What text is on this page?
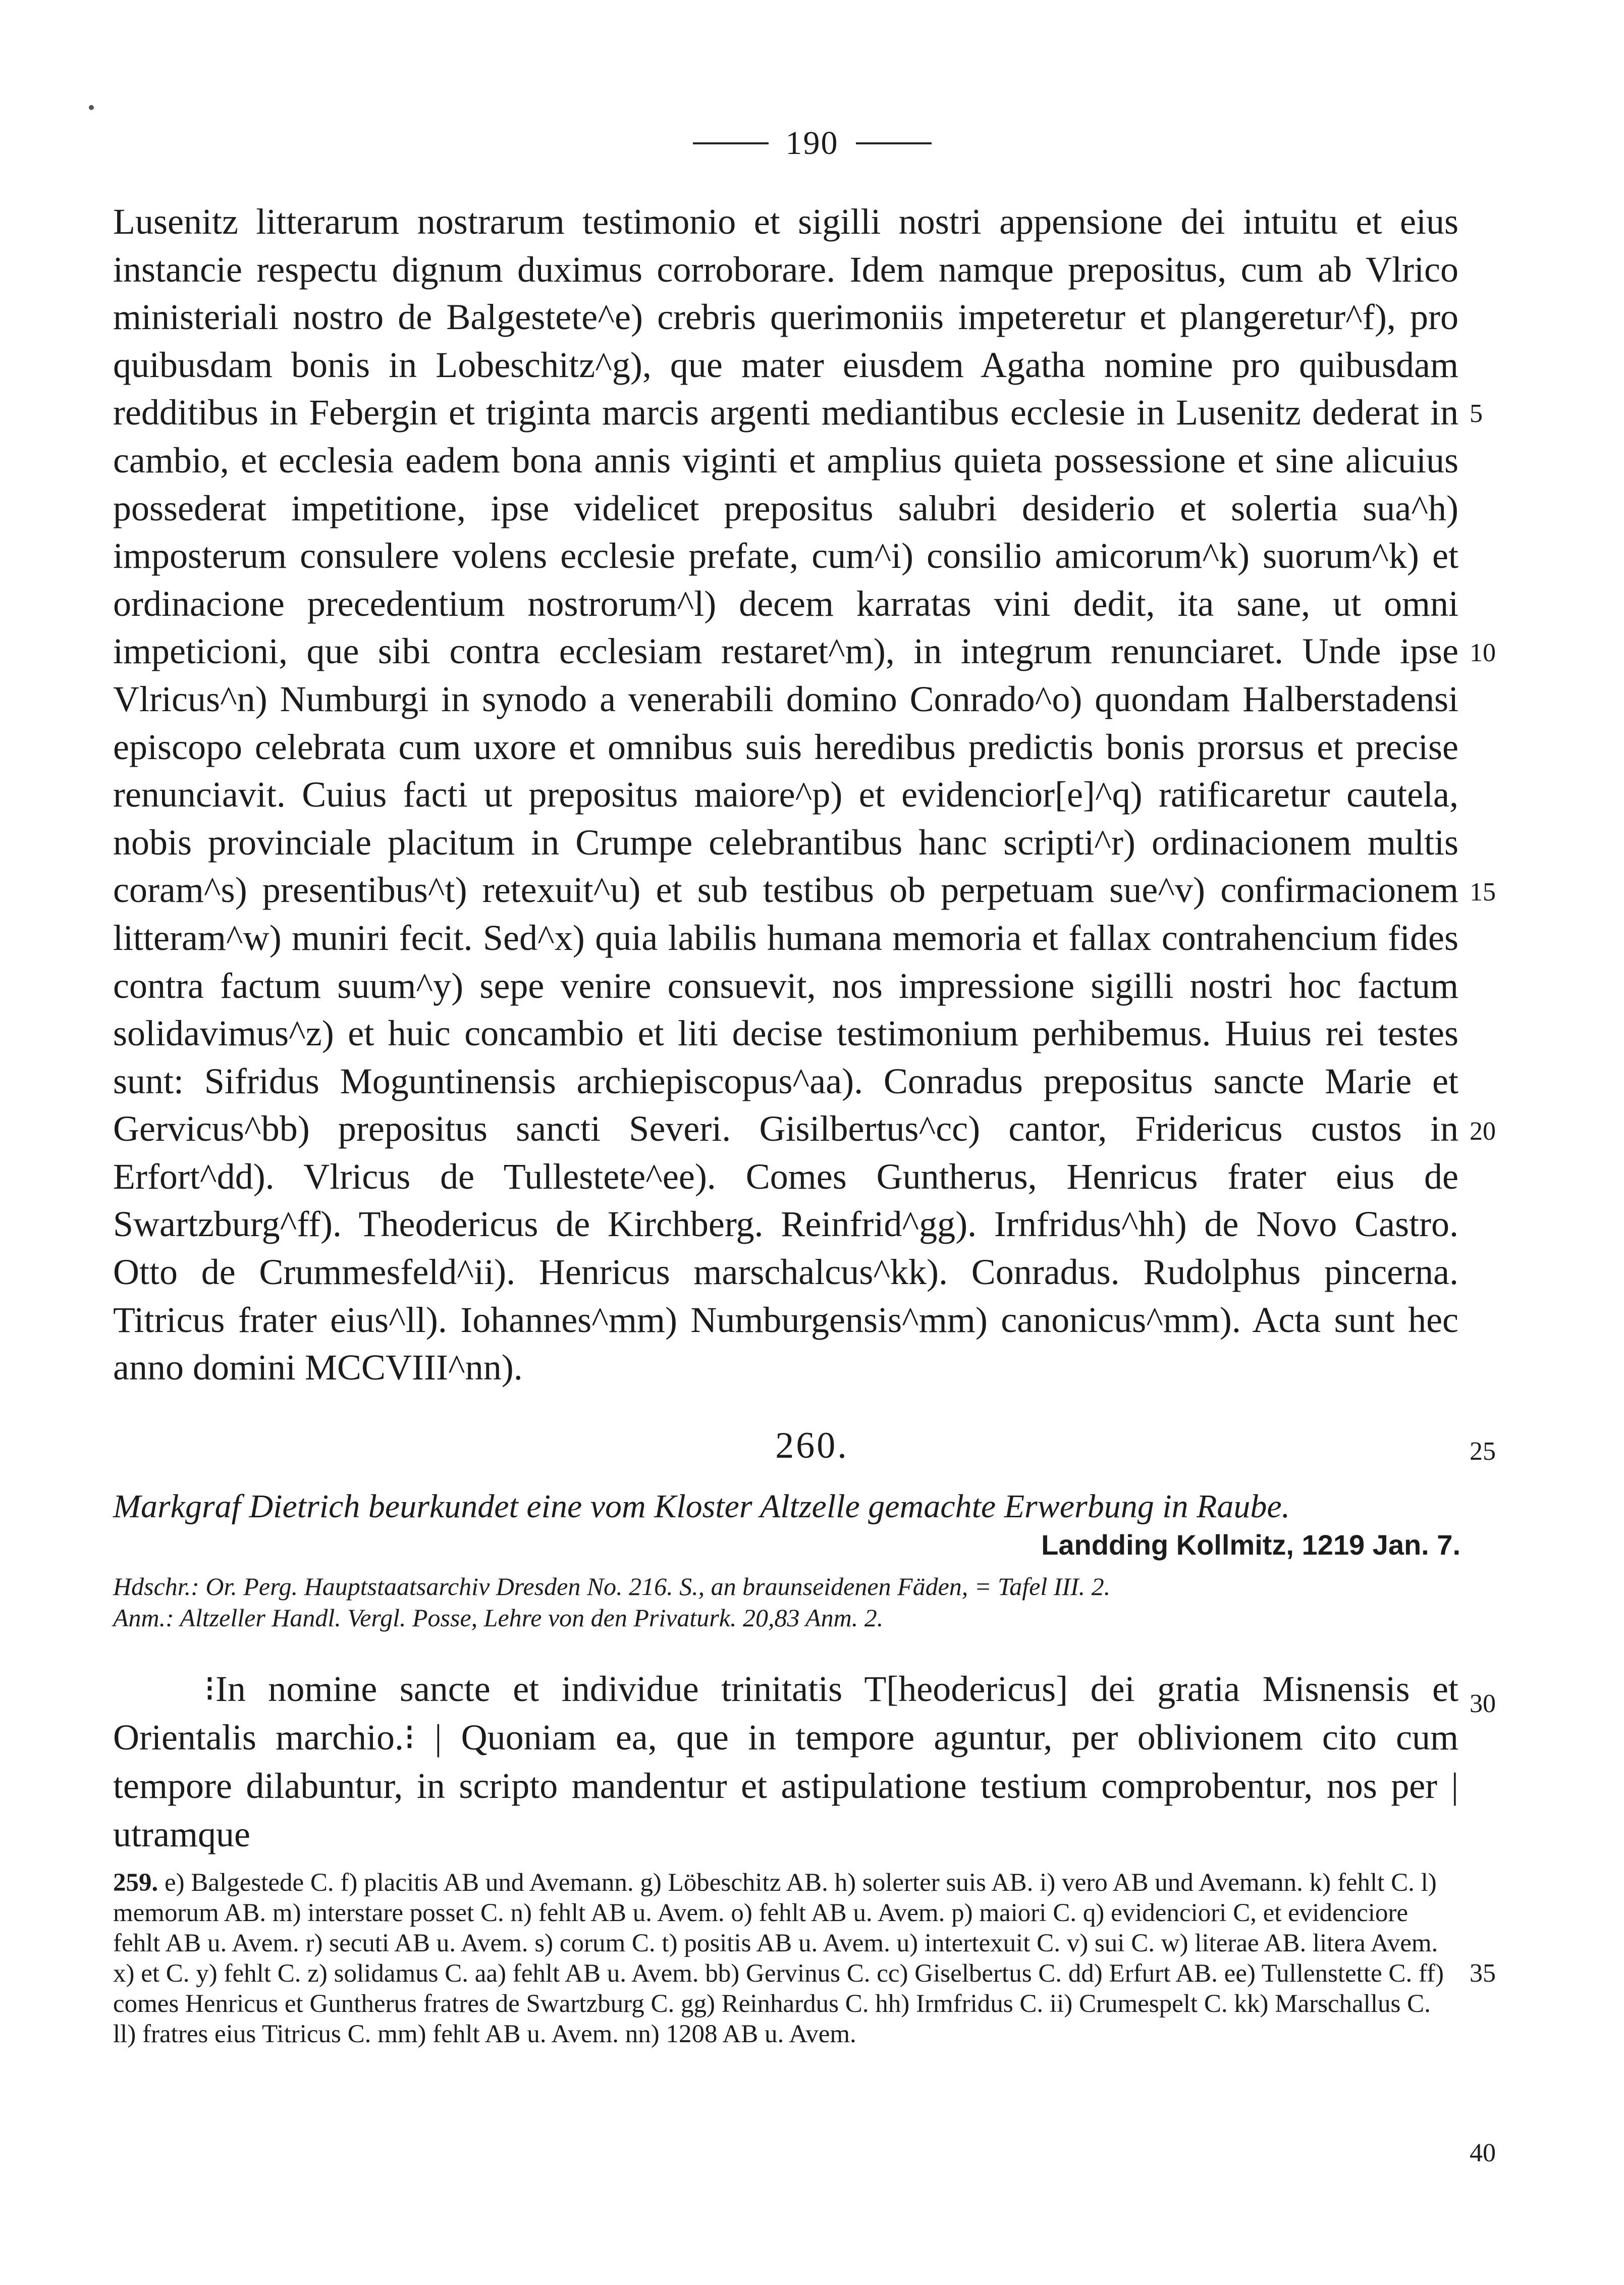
190

Lusenitz litterarum nostrarum testimonio et sigilli nostri appensione dei intuitu et eius instancie respectu dignum duximus corroborare. Idem namque prepositus, cum ab Vlrico ministeriali nostro de Balgestete^e) crebris querimoniis impeteretur et plangeretur^f), pro quibusdam bonis in Lobeschitz^g), que mater eiusdem Agatha nomine pro quibusdam redditibus in Febergin et triginta marcis argenti mediantibus ecclesie in Lusenitz dederat in cambio, et ecclesia eadem bona annis viginti et amplius quieta possessione et sine alicuius possederat impetitione, ipse videlicet prepositus salubri desiderio et solertia sua^h) imposterum consulere volens ecclesie prefate, cum^i) consilio amicorum^k) suorum^k) et ordinacione precedentium nostrorum^l) decem karratas vini dedit, ita sane, ut omni impeticioni, que sibi contra ecclesiam restaret^m), in integrum renunciaret. Unde ipse Vlricus^n) Numburgi in synodo a venerabili domino Conrado^o) quondam Halberstadensi episcopo celebrata cum uxore et omnibus suis heredibus predictis bonis prorsus et precise renunciavit. Cuius facti ut prepositus maiore^p) et evidencior[e]^q) ratificaretur cautela, nobis provinciale placitum in Crumpe celebrantibus hanc scripti^r) ordinacionem multis coram^s) presentibus^t) retexuit^u) et sub testibus ob perpetuam sue^v) confirmacionem litteram^w) muniri fecit. Sed^x) quia labilis humana memoria et fallax contrahencium fides contra factum suum^y) sepe venire consuevit, nos impressione sigilli nostri hoc factum solidavimus^z) et huic concambio et liti decise testimonium perhibemus. Huius rei testes sunt: Sifridus Moguntinensis archiepiscopus^aa). Conradus prepositus sancte Marie et Gervicus^bb) prepositus sancti Severi. Gisilbertus^cc) cantor, Fridericus custos in Erfort^dd). Vlricus de Tullestete^ee). Comes Guntherus, Henricus frater eius de Swartzburg^ff). Theodericus de Kirchberg. Reinfrid^gg). Irnfridus^hh) de Novo Castro. Otto de Crummesfeld^ii). Henricus marschalcus^kk). Conradus. Rudolphus pincerna. Titricus frater eius^ll). Iohannes^mm) Numburgensis^mm) canonicus^mm). Acta sunt hec anno domini MCCVIII^nn).

260.
Markgraf Dietrich beurkundet eine vom Kloster Altzelle gemachte Erwerbung in Raube.
Landding Kollmitz, 1219 Jan. 7.
Hdschr.: Or. Perg. Hauptstaatsarchiv Dresden No. 216. S., an braunseidenen Fäden, = Tafel III. 2.
Anm.: Altzeller Handl. Vergl. Posse, Lehre von den Privaturk. 20,83 Anm. 2.

⁝In nomine sancte et individue trinitatis T[heodericus] dei gratia Misnensis et Orientalis marchio.⁝ | Quoniam ea, que in tempore aguntur, per oblivionem cito cum tempore dilabuntur, in scripto mandentur et astipulatione testium comprobentur, nos per | utramque

259. e) Balgestede C. f) placitis AB und Avemann. g) Löbeschitz AB. h) solerter suis AB. i) vero AB und Avemann. k) fehlt C. l) memorum AB. m) interstare posset C. n) fehlt AB u. Avem. o) fehlt AB u. Avem. p) maiori C. q) evidenciori C, et evidenciore fehlt AB u. Avem. r) secuti AB u. Avem. s) corum C. t) positis AB u. Avem. u) intertexuit C. v) sui C. w) literae AB. litera Avem. x) et C. y) fehlt C. z) solidamus C. aa) fehlt AB u. Avem. bb) Gervinus C. cc) Giselbertus C. dd) Erfurt AB. ee) Tullenstette C. ff) comes Henricus et Guntherus fratres de Swartzburg C. gg) Reinhardus C. hh) Irmfridus C. ii) Crumespelt C. kk) Marschallus C. ll) fratres eius Titricus C. mm) fehlt AB u. Avem. nn) 1208 AB u. Avem.

5
10
15
20
25
30
35
40
